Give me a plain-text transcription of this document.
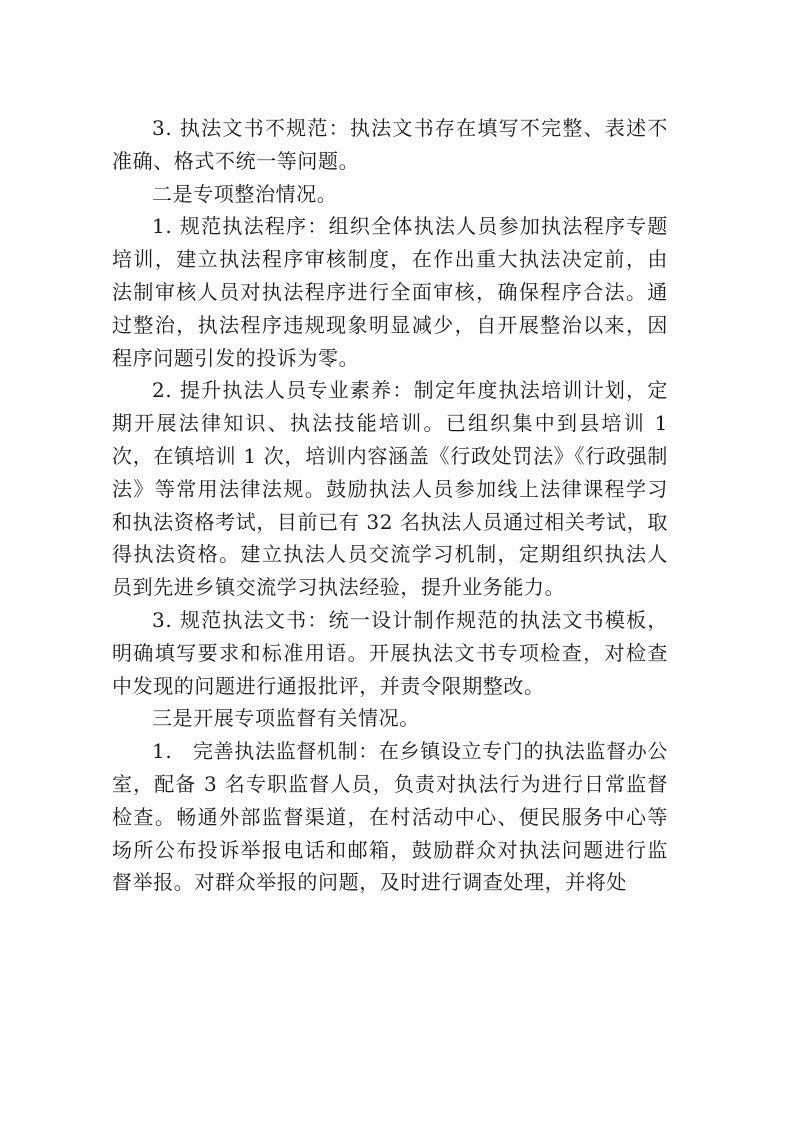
3. 执法文书不规范：执法文书存在填写不完整、表述不准确、格式不统一等问题。

二是专项整治情况。

1. 规范执法程序：组织全体执法人员参加执法程序专题培训，建立执法程序审核制度，在作出重大执法决定前，由法制审核人员对执法程序进行全面审核，确保程序合法。通过整治，执法程序违规现象明显减少，自开展整治以来，因程序问题引发的投诉为零。

2. 提升执法人员专业素养：制定年度执法培训计划，定期开展法律知识、执法技能培训。已组织集中到县培训 1 次，在镇培训 1 次，培训内容涵盖《行政处罚法》《行政强制法》等常用法律法规。鼓励执法人员参加线上法律课程学习和执法资格考试，目前已有 32 名执法人员通过相关考试，取得执法资格。建立执法人员交流学习机制，定期组织执法人员到先进乡镇交流学习执法经验，提升业务能力。

3. 规范执法文书：统一设计制作规范的执法文书模板，明确填写要求和标准用语。开展执法文书专项检查，对检查中发现的问题进行通报批评，并责令限期整改。

三是开展专项监督有关情况。

1.　完善执法监督机制：在乡镇设立专门的执法监督办公室，配备 3 名专职监督人员，负责对执法行为进行日常监督检查。畅通外部监督渠道，在村活动中心、便民服务中心等场所公布投诉举报电话和邮箱，鼓励群众对执法问题进行监督举报。对群众举报的问题，及时进行调查处理，并将处
